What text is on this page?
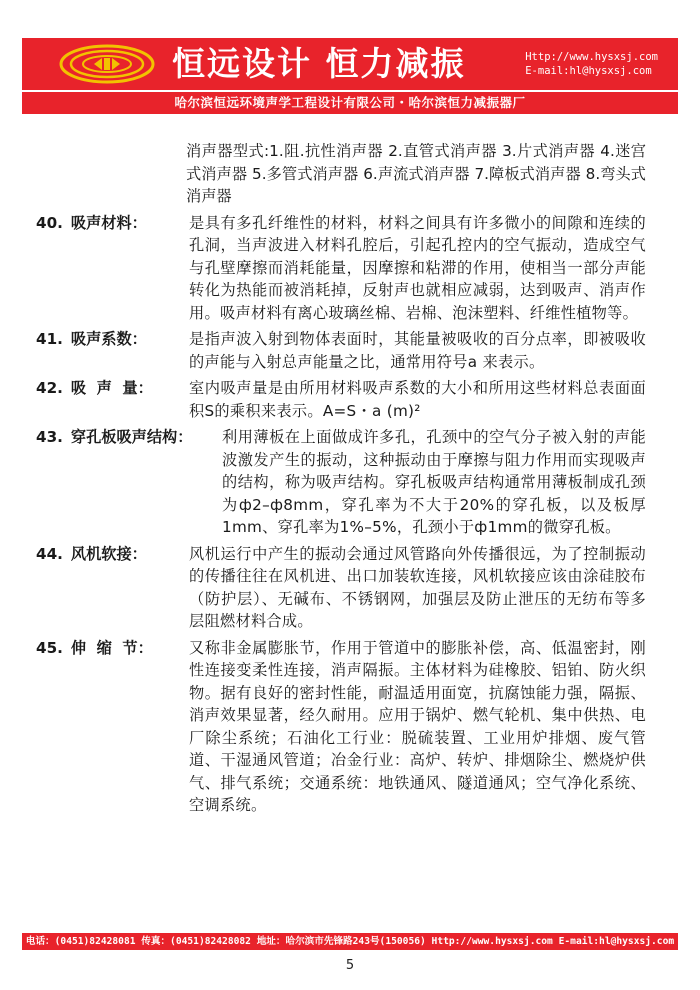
恒远设计 恒力减振	Http://www.hysxsj.com
E-mail:hl@hysxsj.com
哈尔滨恒远环境声学工程设计有限公司・哈尔滨恒力减振器厂
消声器型式:1.阻.抗性消声器 2.直管式消声器 3.片式消声器 4.迷宫式消声器 5.多管式消声器 6.声流式消声器 7.障板式消声器 8.弯头式消声器
40. 吸声材料：	是具有多孔纤维性的材料，材料之间具有许多微小的间隙和连续的孔洞，当声波进入材料孔腔后，引起孔控内的空气振动，造成空气与孔壁摩擦而消耗能量，因摩擦和粘滞的作用，使相当一部分声能转化为热能而被消耗掉，反射声也就相应减弱，达到吸声、消声作用。吸声材料有离心玻璃丝棉、岩棉、泡沫塑料、纤维性植物等。
41. 吸声系数：	是指声波入射到物体表面时，其能量被吸收的百分点率，即被吸收的声能与入射总声能量之比，通常用符号a 来表示。
42. 吸  声  量：	室内吸声量是由所用材料吸声系数的大小和所用这些材料总表面面积S的乘积来表示。A=S・a (m)²
43. 穿孔板吸声结构：	利用薄板在上面做成许多孔，孔颈中的空气分子被入射的声能波激发产生的振动，这种振动由于摩擦与阻力作用而实现吸声的结构，称为吸声结构。穿孔板吸声结构通常用薄板制成孔颈为ф2–ф8mm，穿孔率为不大于20%的穿孔板，以及板厚1mm、穿孔率为1%–5%，孔颈小于ф1mm的微穿孔板。
44. 风机软接：	风机运行中产生的振动会通过风管路向外传播很远，为了控制振动的传播往往在风机进、出口加装软连接，风机软接应该由涂硅胶布（防护层）、无碱布、不锈钢网，加强层及防止泄压的无纺布等多层阻燃材料合成。
45. 伸  缩  节：	又称非金属膨胀节，作用于管道中的膨胀补偿，高、低温密封，刚性连接变柔性连接，消声隔振。主体材料为硅橡胶、铝铂、防火织物。据有良好的密封性能，耐温适用面宽，抗腐蚀能力强，隔振、消声效果显著，经久耐用。应用于锅炉、燃气轮机、集中供热、电厂除尘系统；石油化工行业：脱硫装置、工业用炉排烟、废气管道、干湿通风管道；冶金行业：高炉、转炉、排烟除尘、燃烧炉供气、排气系统；交通系统：地铁通风、隧道通风；空气净化系统、空调系统。
电话：(0451)82428081 传真：(0451)82428082 地址：哈尔滨市先锋路243号(150056) Http://www.hysxsj.com E-mail:hl@hysxsj.com
5
